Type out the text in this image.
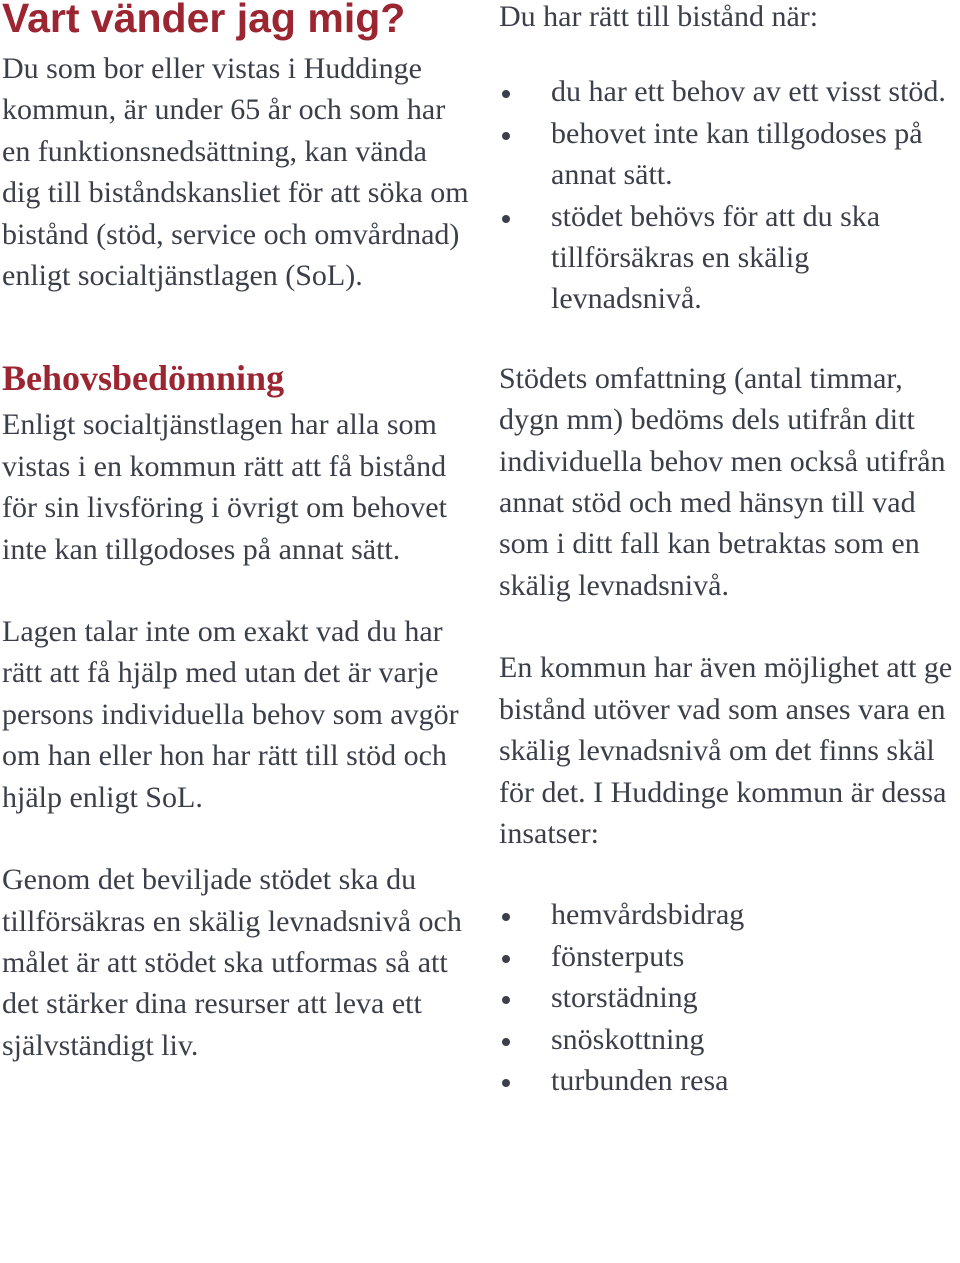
Vart vänder jag mig?

Du som bor eller vistas i Huddinge kommun, är under 65 år och som har en funktionsnedsättning, kan vända dig till biståndskansliet för att söka om bistånd (stöd, service och omvårdnad) enligt socialtjänstlagen (SoL).

Behovsbedömning

Enligt socialtjänstlagen har alla som vistas i en kommun rätt att få bistånd för sin livsföring i övrigt om behovet inte kan tillgodoses på annat sätt.

Lagen talar inte om exakt vad du har rätt att få hjälp med utan det är varje persons individuella behov som avgör om han eller hon har rätt till stöd och hjälp enligt SoL.

Genom det beviljade stödet ska du tillförsäkras en skälig levnadsnivå och målet är att stödet ska utformas så att det stärker dina resurser att leva ett självständigt liv.

Du har rätt till bistånd när:

du har ett behov av ett visst stöd.
behovet inte kan tillgodoses på annat sätt.
stödet behövs för att du ska tillförsäkras en skälig levnadsnivå.

Stödets omfattning (antal timmar, dygn mm) bedöms dels utifrån ditt individuella behov men också utifrån annat stöd och med hänsyn till vad som i ditt fall kan betraktas som en skälig levnadsnivå.

En kommun har även möjlighet att ge bistånd utöver vad som anses vara en skälig levnadsnivå om det finns skäl för det. I Huddinge kommun är dessa insatser:

hemvårdsbidrag
fönsterputs
storstädning
snöskottning
turbunden resa
